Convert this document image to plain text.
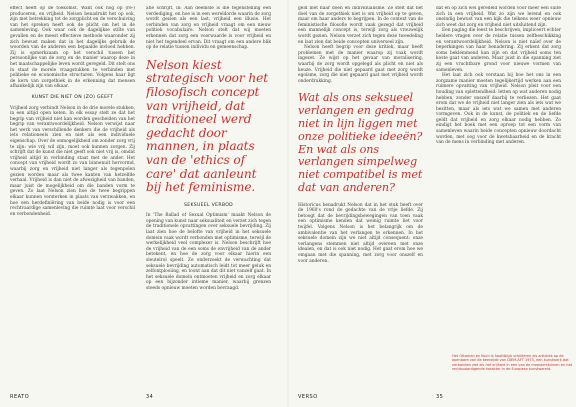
effect heeft op de toekomst. Want ook nog op (re-) produceren, en vrijheid. Nelson benadrukt het op ook, zijn met betrekking tot de zorgplicht en de verschuiving van het spreken heeft ook de plicht om het in de samenleving. Ook waar ook de dagelijkse stilte van gevallen en de meest effectieve methode waaronder zij zich bewust maken dat in het dagelijks gebruik de woorden van de anderen een bepaalde invloed hebben. Zij is opmerkzaam op het verschil tussen het persoonlijke van de zorg en de manier waarop deze in het maatschappelijke leven wordt geregeld. Dit stelt ons in staat de morele vraagstukken te verbinden met politieke en economische structuren. Volgens haar ligt de kern van zorgethiek in de erkenning dat mensen afhankelijk zijn van elkaar.

KUNST DIE NIET ON (ZO) GEEFT

Vrijheid zorg verbindt Nelson in de drie morele stukken, in een altijd open keten. In elk essay stelt ze dat het begrip van vrijheid niet kan worden gescheiden van het begrip van verantwoordelijkheid. Nelson verwijst naar het werk van verschillende denkers die de vrijheid als iets relationeels zien en niet als een individuele eigenschap. Over de onmogelijkheid om zonder zorg vrij te zijn: wie vrij wil zijn, moet ook kunnen zorgen. Zij schrijft dat de kunst die niet geeft ook niet vrij is, omdat vrijheid altijd in verbinding staat met de ander. Het concept van vrijheid wordt zo van binnenuit hervormd, waarbij zorg en vrijheid niet langer als tegenpolen gezien worden maar als twee kanten van hetzelfde verhaal. Vrijheid is dan niet de afwezigheid van banden, maar juist de mogelijkheid om die banden vorm te geven. Zo laat Nelson zien hoe de twee begrippen elkaar kunnen versterken in plaats van verzwakken, en hoe een herdefiniëring van beide nodig is voor een rechtvaardige samenleving die ruimte laat voor verschil en verbondenheid.

afie schrijft, in: Aan deemste is die tegenstelling een verdediging, en hoe is in een wereldorde waarin de zorg wordt gezien als een last, vrijheid een illusie. Het verbinden van zorg en vrijheid vraagt om een nieuw politiek vocabulaire. Nelson stelt dat wij moeten erkennen dat zorg een voorwaarde is voor vrijheid en niet het tegendeel ervan. Dit vraagt om een andere blik op de relatie tussen individu en gemeenschap.

Nelson kiest strategisch voor het filosofisch concept van vrijheid, dat traditioneel werd gedacht door mannen, in plaats van de 'ethics of care' dat aanleunt bij het feminisme.
SEKSUEEL VERBOD

In 'The Ballad of Sexual Optimism' maakt Nelson de opening van kunst naar seksualiteit en verzet zich tegen de traditionele opvattingen over seksuele bevrijding. Zij laat zien hoe de belofte van vrijheid in het seksuele domein vaak wordt verbonden met optimisme, terwijl de werkelijkheid veel complexer is. Nelson beschrijft hoe de vrijheid van de een soms de onvrijheid van de ander betekent, en hoe de zorg voor elkaar hierin een sleutelrol speelt. Ze onderzoekt de verwachting dat seksuele bevrijding automatisch leidt tot meer geluk en zelfontplooiing, en toont aan dat dit niet vanzelf gaat. In het seksuele domein ontmoeten vrijheid en zorg elkaar op een bijzonder intieme manier, waarbij grenzen steeds opnieuw moeten worden bevraagd.

REATO	34

geld met haar doen en individualisme. Ze stelt dat het doel van de zorgethiek niet is om vrijheid op te geven, maar om haar anders te begrijpen. In de context van de feministische filosofie wordt vaak gezegd dat vrijheid een mannelijk concept is, terwijl zorg als vrouwelijk wordt gezien. Nelson verzet zich tegen deze tweedeling en laat zien dat beide concepten universeel zijn.

Nelson heeft begrip voor deze kritiek, maar heeft problemen met de manier waarop zij vaak wordt ingezet. Ze wijst op het gevaar van moralisering, waarbij de zorg wordt opgelegd als plicht en niet als keuze. Vrijheid die niet gepaard gaat met zorg wordt egoïsme, zorg die niet gepaard gaat met vrijheid wordt onderdrukking.

Wat als ons seksueel verlangen en gedrag niet in lijn liggen met onze politieke ideeën? En wat als ons verlangen simpelweg niet compatibel is met dat van anderen?

Historicus benadrukt Nelson dat in het stuk heeft over de 1960's rond de gedachte van de vrije liefde. Zij betoogt dat de bevrijdingsbewegingen van toen vaak een optimisme kenden dat weinig ruimte liet voor twijfel. Volgens Nelson is het belangrijk om de ambivalentie van het verlangen te erkennen. In het seksuele domein zijn we niet altijd consequent: onze verlangens stemmen niet altijd overeen met onze idealen, en dat is ook niet nodig. Het gaat erom hoe we omgaan met die spanning, met zorg voor onszelf en voor anderen.

dat en op zich wel geredeld worden voor meer een suite zich in een vrijheid. Wat zo zijn we lerend en ook oneindig bewust van een kijk die telkens weer opnieuw zich weet dat zorg en vrijheid niet uitsluitend zijn.

Een paging die leest te beschrijven, impliceert echter heldere vragen over de relatie tussen zelfbeschikking en verantwoordelijkheid. Nelson is niet naïef over de beperkingen van haar benadering. Zij erkent dat zorg soms beklemmend kan zijn en dat vrijheid soms ten koste gaat van anderen. Maar juist in die spanning ziet zij een vruchtbare grond voor nieuwe vormen van samenleven.

Het laat zich ook verstaan bij hoe het ons in een zorgzame manier moeten tegelijkertijd werken aan een ruimere opvatting van vrijheid. Nelson pleit voor een houding van oplettendheid: letten op wat anderen nodig hebben, zonder onszelf daarbij te verliezen. Het gaat erom dat we de vrijheid niet langer zien als iets wat we bezitten, maar als iets wat we samen met anderen vormgeven. Ook in de kunst, de politiek en de liefde geldt dat vrijheid en zorg elkaar nodig hebben. Zo eindigt het boek met een oproep tot een vorm van samenleven waarin beide concepten opnieuw doordacht worden, met oog voor de kwetsbaarheid en de kracht van de mens in verbinding met anderen.

VERSO	35
Het Ottoman en Koch is hoofdstuk schilderen als artistiek op de openbare van de keerzijde van DIEM-AFT 1975, een kunstwerk dat verbanden ziet als het vrijheid in een van de meesterstukken en het rechtsvaardigende karakter in de Europese kunstwereld.
